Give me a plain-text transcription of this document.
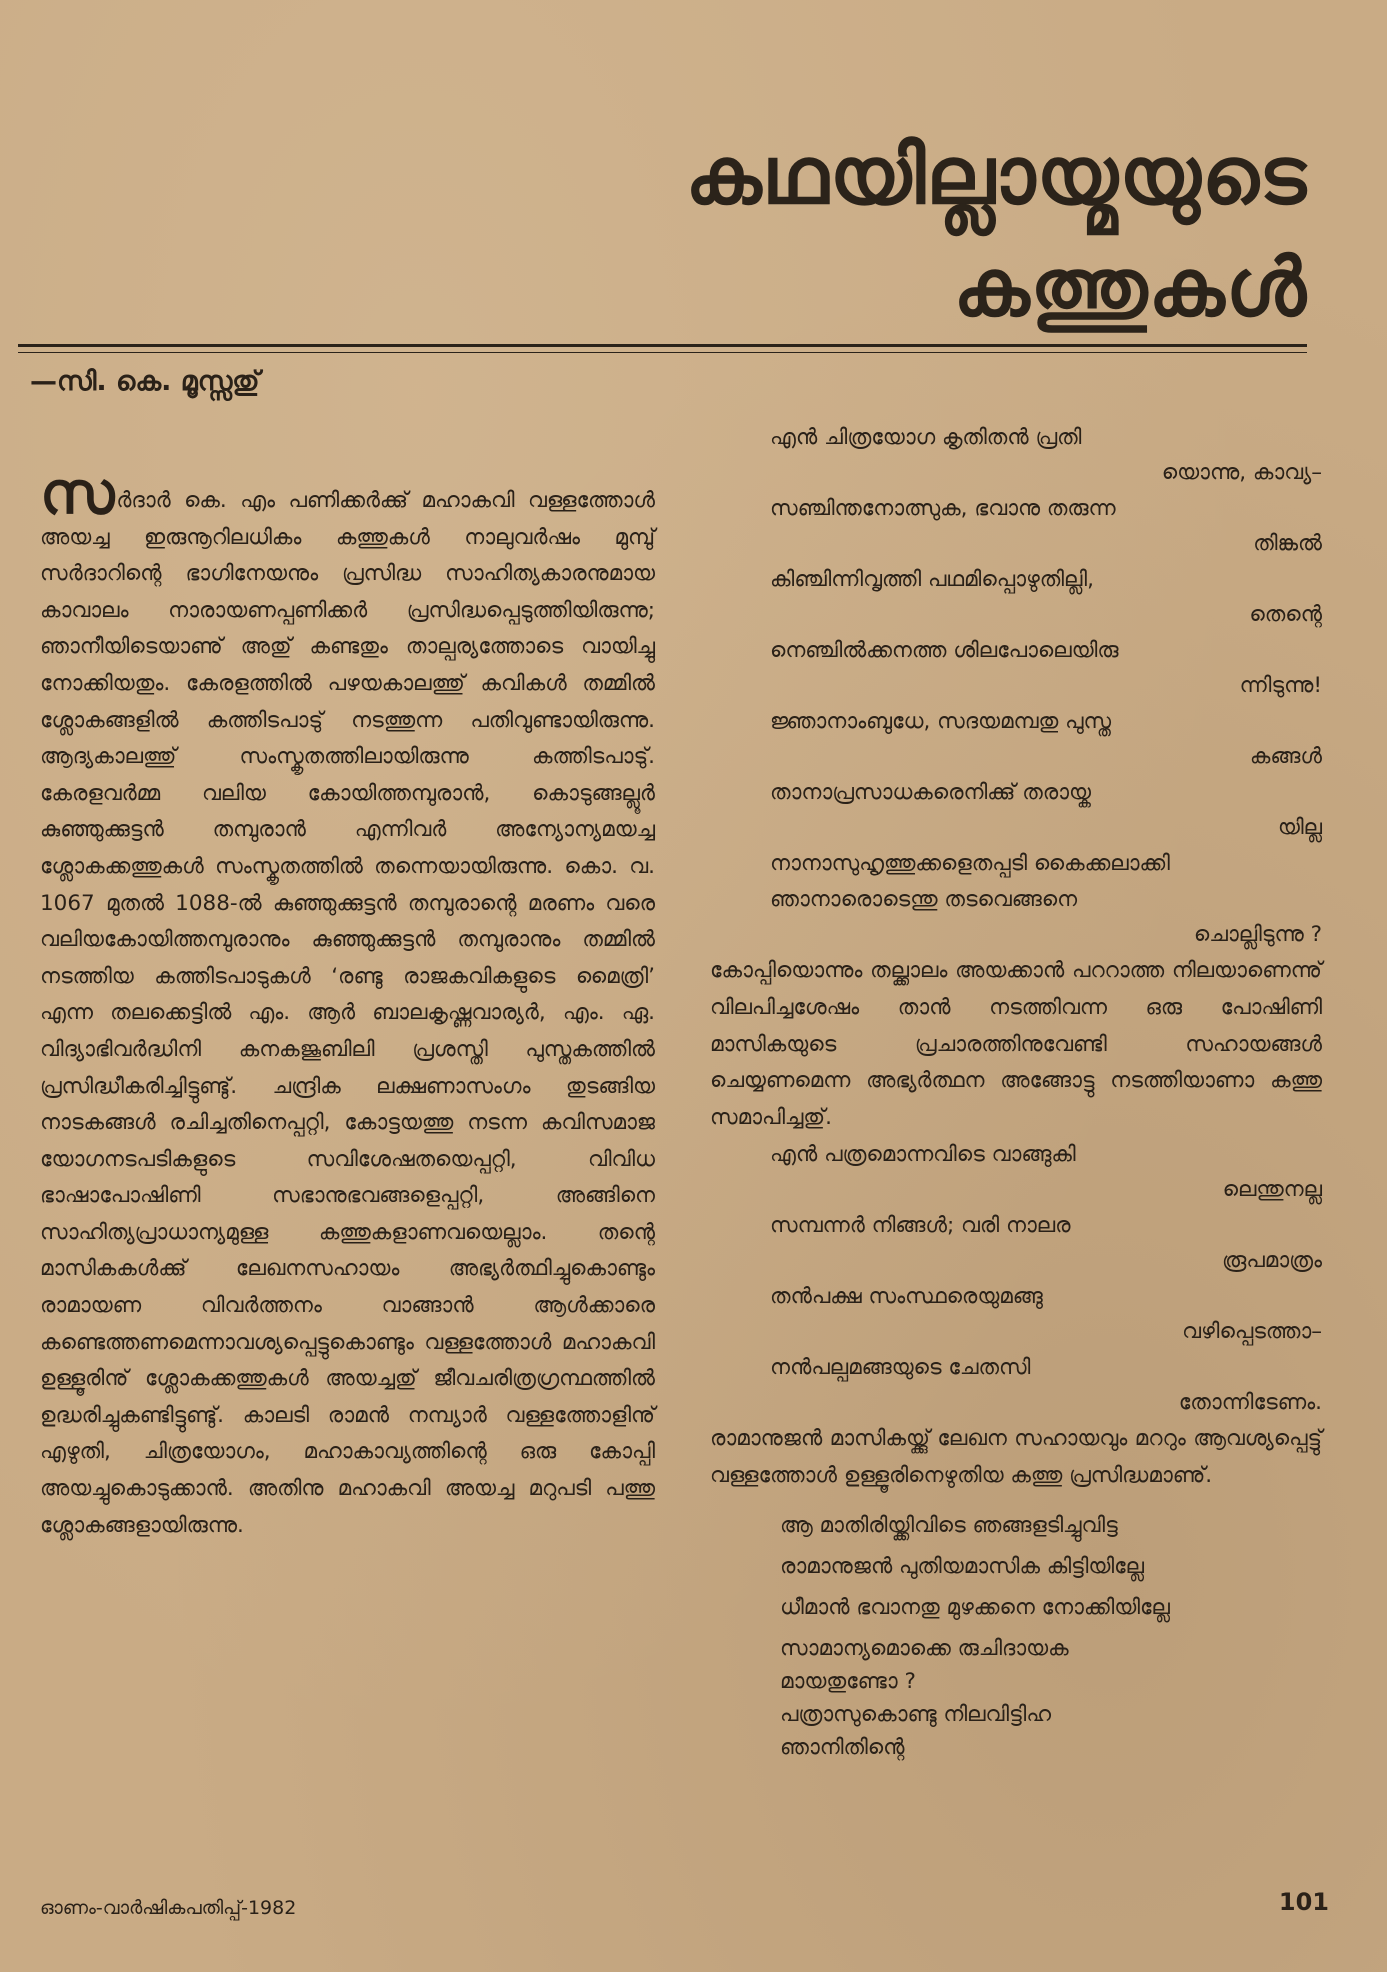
കഥയില്ലായ്മയുടെ
കത്തുകൾ
—സി. കെ. മൂസ്സതു്

സർദാർ കെ. എം പണിക്കർക്കു് മഹാകവി വള്ളത്തോൾ അയച്ച ഇരുനൂറിലധികം കത്തുകൾ നാലുവർഷം മുമ്പു് സർദാറിന്റെ ഭാഗിനേയനും പ്രസിദ്ധ സാഹിത്യകാരനുമായ കാവാലം നാരായണപ്പണിക്കർ പ്രസിദ്ധപ്പെടുത്തിയിരുന്നു; ഞാനീയിടെയാണു് അതു് കണ്ടതും താല്പര്യത്തോടെ വായിച്ചു നോക്കിയതും. കേരളത്തിൽ പഴയകാലത്തു് കവികൾ തമ്മിൽ ശ്ലോകങ്ങളിൽ കത്തിടപാടു് നടത്തുന്ന പതിവുണ്ടായിരുന്നു. ആദ്യകാലത്തു് സംസ്കൃതത്തിലായിരുന്നു കത്തിടപാടു്. കേരളവർമ്മ വലിയ കോയിത്തമ്പുരാൻ, കൊടുങ്ങല്ലൂർ കുഞ്ഞുക്കുട്ടൻ തമ്പുരാൻ എന്നിവർ അന്യോന്യമയച്ച ശ്ലോകക്കത്തുകൾ സംസ്കൃതത്തിൽ തന്നെയായിരുന്നു. കൊ. വ. 1067 മുതൽ 1088-ൽ കുഞ്ഞുക്കുട്ടൻ തമ്പുരാന്റെ മരണം വരെ വലിയകോയിത്തമ്പുരാനും കുഞ്ഞുക്കുട്ടൻ തമ്പുരാനും തമ്മിൽ നടത്തിയ കത്തിടപാടുകൾ ‘രണ്ടു രാജകവികളുടെ മൈത്രി’ എന്ന തലക്കെട്ടിൽ എം. ആർ ബാലകൃഷ്ണവാര്യർ, എം. ഏ. വിദ്യാഭിവർദ്ധിനി കനകജൂബിലി പ്രശസ്തി പുസ്തകത്തിൽ പ്രസിദ്ധീകരിച്ചിട്ടുണ്ടു്. ചന്ദ്രിക ലക്ഷണാസംഗം തുടങ്ങിയ നാടകങ്ങൾ രചിച്ചതിനെപ്പറ്റി, കോട്ടയത്തു നടന്ന കവിസമാജ യോഗനടപടികളുടെ സവിശേഷതയെപ്പറ്റി, വിവിധ ഭാഷാപോഷിണി സഭാനുഭവങ്ങളെപ്പറ്റി, അങ്ങിനെ സാഹിത്യപ്രാധാന്യമുള്ള കത്തുകളാണവയെല്ലാം. തന്റെ മാസികകൾക്കു് ലേഖനസഹായം അഭ്യർത്ഥിച്ചുകൊണ്ടും രാമായണ വിവർത്തനം വാങ്ങാൻ ആൾക്കാരെ കണ്ടെത്തണമെന്നാവശ്യപ്പെട്ടുകൊണ്ടും വള്ളത്തോൾ മഹാകവി ഉള്ളൂരിനു് ശ്ലോകക്കത്തുകൾ അയച്ചതു് ജീവചരിത്രഗ്രന്ഥത്തിൽ ഉദ്ധരിച്ചുകണ്ടിട്ടുണ്ടു്. കാലടി രാമൻ നമ്പ്യാർ വള്ളത്തോളിനു് എഴുതി, ചിത്രയോഗം, മഹാകാവ്യത്തിന്റെ ഒരു കോപ്പി അയച്ചുകൊടുക്കാൻ. അതിനു മഹാകവി അയച്ച മറുപടി പത്തു ശ്ലോകങ്ങളായിരുന്നു.

എൻ ചിത്രയോഗ കൃതിതൻ പ്രതി
യൊന്നു, കാവ്യ–
സഞ്ചിന്തനോത്സുക, ഭവാനു തരുന്ന
തിങ്കൽ
കിഞ്ചിന്നിവൃത്തി പഥമിപ്പൊഴുതില്ലി,
തെന്റെ
നെഞ്ചിൽക്കനത്ത ശിലപോലെയിരു
ന്നിടുന്നു!
ജ്ഞാനാംബുധേ, സദയമമ്പതു പുസ്ത
കങ്ങൾ
താനാപ്രസാധകരെനിക്കു് തരായ്ക
യില്ല
നാനാസുഹൃത്തുക്കളെതപ്പടി കൈക്കലാക്കി
ഞാനാരൊടെന്തു തടവെങ്ങനെ
ചൊല്ലിടുന്നു ?

കോപ്പിയൊന്നും തല്ക്കാലം അയക്കാൻ പററാത്ത നിലയാണെന്നു് വിലപിച്ചശേഷം താൻ നടത്തിവന്ന ഒരു പോഷിണി മാസികയുടെ പ്രചാരത്തിനുവേണ്ടി സഹായങ്ങൾ ചെയ്യണമെന്ന അഭ്യർത്ഥന അങ്ങോട്ടു നടത്തിയാണാ കത്തു സമാപിച്ചതു്.

എൻ പത്രമൊന്നവിടെ വാങ്ങുകി
ലെന്തുനല്ല
സമ്പന്നർ നിങ്ങൾ; വരി നാലര
രൂപമാത്രം
തൻപക്ഷ സംസ്ഥരെയുമങ്ങു
വഴിപ്പെടത്താ–
നൻപല്പമങ്ങയുടെ ചേതസി
തോന്നിടേണം.

രാമാനുജൻ മാസികയ്ക്കു് ലേഖന സഹായവും മററും ആവശ്യപ്പെട്ടു് വള്ളത്തോൾ ഉള്ളൂരിനെഴുതിയ കത്തു പ്രസിദ്ധമാണു്.

ആ മാതിരിയ്ക്കിവിടെ ഞങ്ങളടിച്ചുവിട്ട
രാമാനുജൻ പുതിയമാസിക കിട്ടിയില്ലേ
ധീമാൻ ഭവാനതു മുഴക്കനെ നോക്കിയില്ലേ
സാമാന്യമൊക്കെ രുചിദായക
മായതുണ്ടോ ?
പത്രാസുകൊണ്ടു നിലവിട്ടിഹ
ഞാനിതിന്റെ
ഓണം-വാർഷികപതിപ്പ്-1982	101
